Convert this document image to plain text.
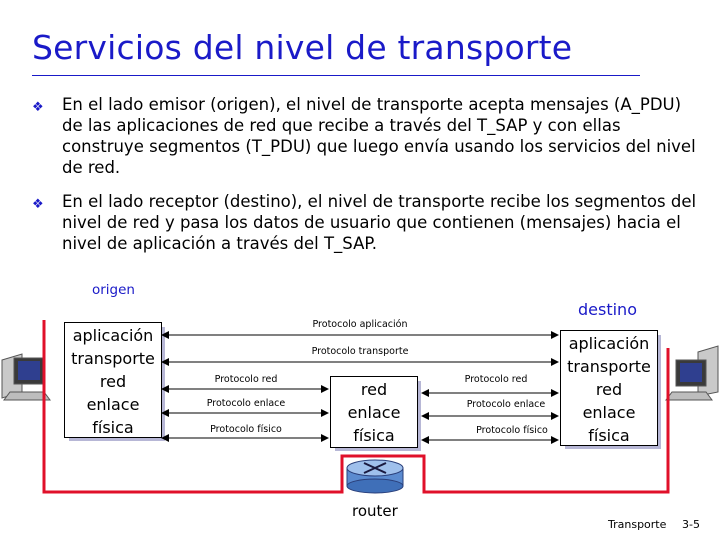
Servicios del nivel de transporte
❖ En el lado emisor (origen), el nivel de transporte acepta mensajes (A_PDU) de las aplicaciones de red que recibe a través del T_SAP y con ellas construye segmentos (T_PDU) que luego envía usando los servicios del nivel de red.
❖ En el lado receptor (destino), el nivel de transporte recibe los segmentos del nivel de red y pasa los datos de usuario que contienen (mensajes) hacia el nivel de aplicación a través del T_SAP.
origen
destino
aplicación
transporte
red
enlace
física
red
enlace
física
aplicación
transporte
red
enlace
física
Protocolo aplicación
Protocolo transporte
Protocolo red
Protocolo enlace
Protocolo físico
Protocolo red
Protocolo enlace
Protocolo físico
router
Transporte 3-5
